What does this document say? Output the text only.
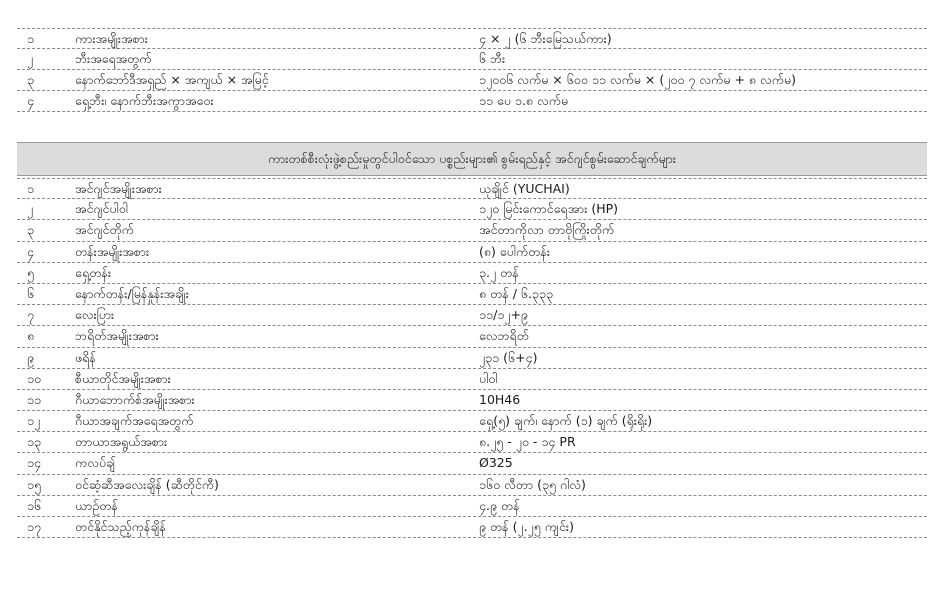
၁	ကားအမျိုးအစား	၄ × ၂ (၆ ဘီးမြေသယ်ကား)
၂	ဘီးအရေအတွက်	၆ ဘီး
၃	နောက်ဘော်ဒီအရှည် × အကျယ် × အမြင့်	၁၂၀၀၆ လက်မ × ၆၀၀ ၁၁ လက်မ × (၂၀၀ ၇ လက်မ + ၈ လက်မ)
၄	ရှေ့ဘီး၊ နောက်ဘီးအကွာအဝေး	၁၁ ပေ ၁.၈ လက်မ
ကားတစ်စီးလုံးဖွဲ့စည်းမှုတွင်ပါဝင်သော ပစ္စည်းများ၏ စွမ်းရည်နှင့် အင်ဂျင်စွမ်းဆောင်ချက်များ
၁	အင်ဂျင်အမျိုးအစား	ယုချိုင် (YUCHAI)
၂	အင်ဂျင်ပါဝါ	၁၂၀ မြင်းကောင်ရေအား (HP)
၃	အင်ဂျင်တိုက်	အင်တာကိုလာ တာဗိုကြိုးတိုက်
၄	တန်းအမျိုးအစား	(၈) ပေါက်တန်း
၅	ရှေ့တန်း	၃.၂ တန်
၆	နောက်တန်း/မြန်နှုန်းအချိုး	၈ တန် / ၆.၃၃၃
၇	လေးပြား	၁၁/၁၂+၉
၈	ဘရိတ်အမျိုးအစား	လေဘရိတ်
၉	ဖရိန်	၂၃၁ (၆+၄)
၁၀	စီယာတိုင်အမျိုးအစား	ပါဝါ
၁၁	ဂီယာဘောက်စ်အမျိုးအစား	10H46
၁၂	ဂီယာအချက်အရေအတွက်	ရှေ့(၅) ချက်၊ နောက် (၁) ချက် (ရိုးရိုး)
၁၃	တာယာအရွယ်အစား	၈.၂၅ - ၂၀ - ၁၄ PR
၁၄	ကလပ်ချ်	Ø325
၁၅	ဝင်ဆံ့ဆီအလေးချိန် (ဆီတိုင်ကီ)	၁၆၀ လီတာ (၃၅ ဂါလံ)
၁၆	ယာဉ်တန်	၄.၉ တန်
၁၇	တင်နိုင်သည့်ကုန်ချိန်	၉ တန် (၂.၂၅ ကျင်း)
